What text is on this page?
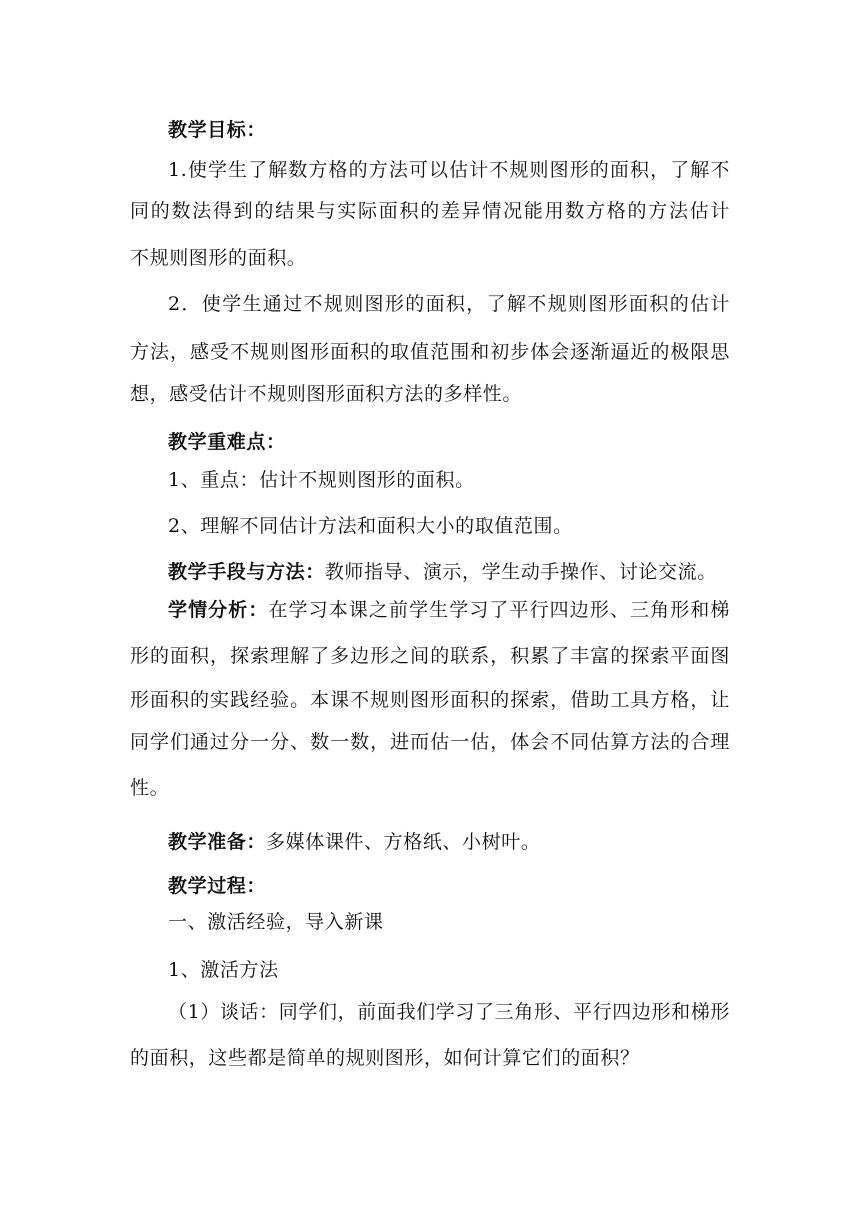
教学目标：
1.使学生了解数方格的方法可以估计不规则图形的面积，了解不
同的数法得到的结果与实际面积的差异情况能用数方格的方法估计
不规则图形的面积。
2．使学生通过不规则图形的面积，了解不规则图形面积的估计
方法，感受不规则图形面积的取值范围和初步体会逐渐逼近的极限思
想，感受估计不规则图形面积方法的多样性。
教学重难点：
1、重点：估计不规则图形的面积。
2、理解不同估计方法和面积大小的取值范围。
教学手段与方法：教师指导、演示，学生动手操作、讨论交流。
学情分析：在学习本课之前学生学习了平行四边形、三角形和梯
形的面积，探索理解了多边形之间的联系，积累了丰富的探索平面图
形面积的实践经验。本课不规则图形面积的探索，借助工具方格，让
同学们通过分一分、数一数，进而估一估，体会不同估算方法的合理
性。
教学准备：多媒体课件、方格纸、小树叶。
教学过程：
一、激活经验，导入新课
1、激活方法
（1）谈话：同学们，前面我们学习了三角形、平行四边形和梯形
的面积，这些都是简单的规则图形，如何计算它们的面积？
